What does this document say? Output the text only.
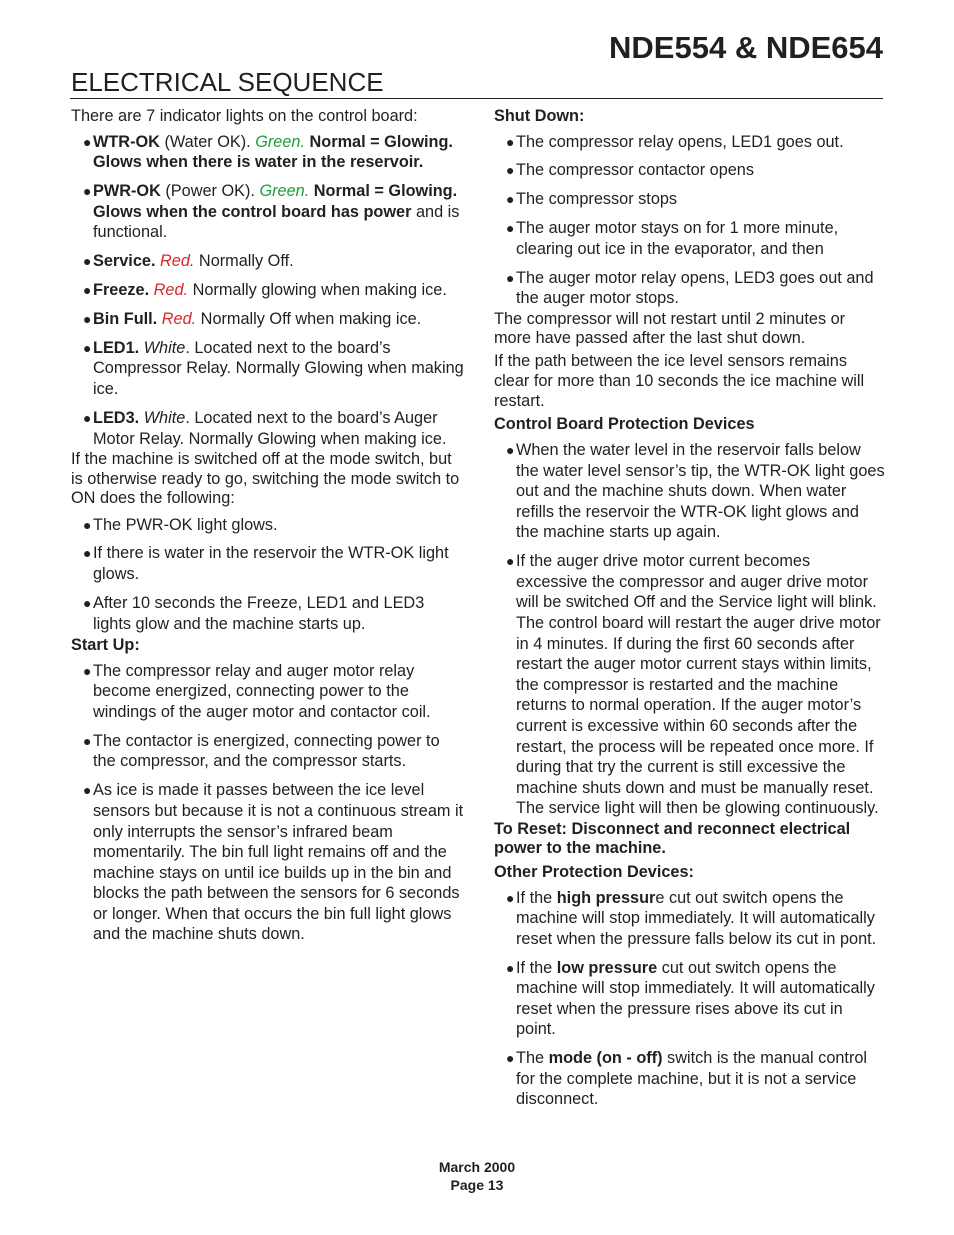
NDE554 & NDE654
ELECTRICAL SEQUENCE

There are 7 indicator lights on the control board:

● WTR-OK (Water OK). Green. Normal = Glowing. Glows when there is water in the reservoir.
● PWR-OK (Power OK). Green. Normal = Glowing. Glows when the control board has power and is functional.
● Service. Red. Normally Off.
● Freeze. Red. Normally glowing when making ice.
● Bin Full. Red. Normally Off when making ice.
● LED1. White. Located next to the board’s Compressor Relay. Normally Glowing when making ice.
● LED3. White. Located next to the board’s Auger Motor Relay. Normally Glowing when making ice.

If the machine is switched off at the mode switch, but is otherwise ready to go, switching the mode switch to ON does the following:

● The PWR-OK light glows.
● If there is water in the reservoir the WTR-OK light glows.
● After 10 seconds the Freeze, LED1 and LED3 lights glow and the machine starts up.

Start Up:

● The compressor relay and auger motor relay become energized, connecting power to the windings of the auger motor and contactor coil.
● The contactor is energized, connecting power to the compressor, and the compressor starts.
● As ice is made it passes between the ice level sensors but because it is not a continuous stream it only interrupts the sensor’s infrared beam momentarily. The bin full light remains off and the machine stays on until ice builds up in the bin and blocks the path between the sensors for 6 seconds or longer. When that occurs the bin full light glows and the machine shuts down.

Shut Down:

● The compressor relay opens, LED1 goes out.
● The compressor contactor opens
● The compressor stops
● The auger motor stays on for 1 more minute, clearing out ice in the evaporator, and then
● The auger motor relay opens, LED3 goes out and the auger motor stops.

The compressor will not restart until 2 minutes or more have passed after the last shut down.

If the path between the ice level sensors remains clear for more than 10 seconds the ice machine will restart.

Control Board Protection Devices

● When the water level in the reservoir falls below the water level sensor’s tip, the WTR-OK light goes out and the machine shuts down. When water refills the reservoir the WTR-OK light glows and the machine starts up again.
● If the auger drive motor current becomes excessive the compressor and auger drive motor will be switched Off and the Service light will blink. The control board will restart the auger drive motor in 4 minutes. If during the first 60 seconds after restart the auger motor current stays within limits, the compressor is restarted and the machine returns to normal operation. If the auger motor’s current is excessive within 60 seconds after the restart, the process will be repeated once more. If during that try the current is still excessive the machine shuts down and must be manually reset. The service light will then be glowing continuously.

To Reset: Disconnect and reconnect electrical power to the machine.

Other Protection Devices:

● If the high pressure cut out switch opens the machine will stop immediately. It will automatically reset when the pressure falls below its cut in pont.
● If the low pressure cut out switch opens the machine will stop immediately. It will automatically reset when the pressure rises above its cut in point.
● The mode (on - off) switch is the manual control for the complete machine, but it is not a service disconnect.
March 2000
Page 13
